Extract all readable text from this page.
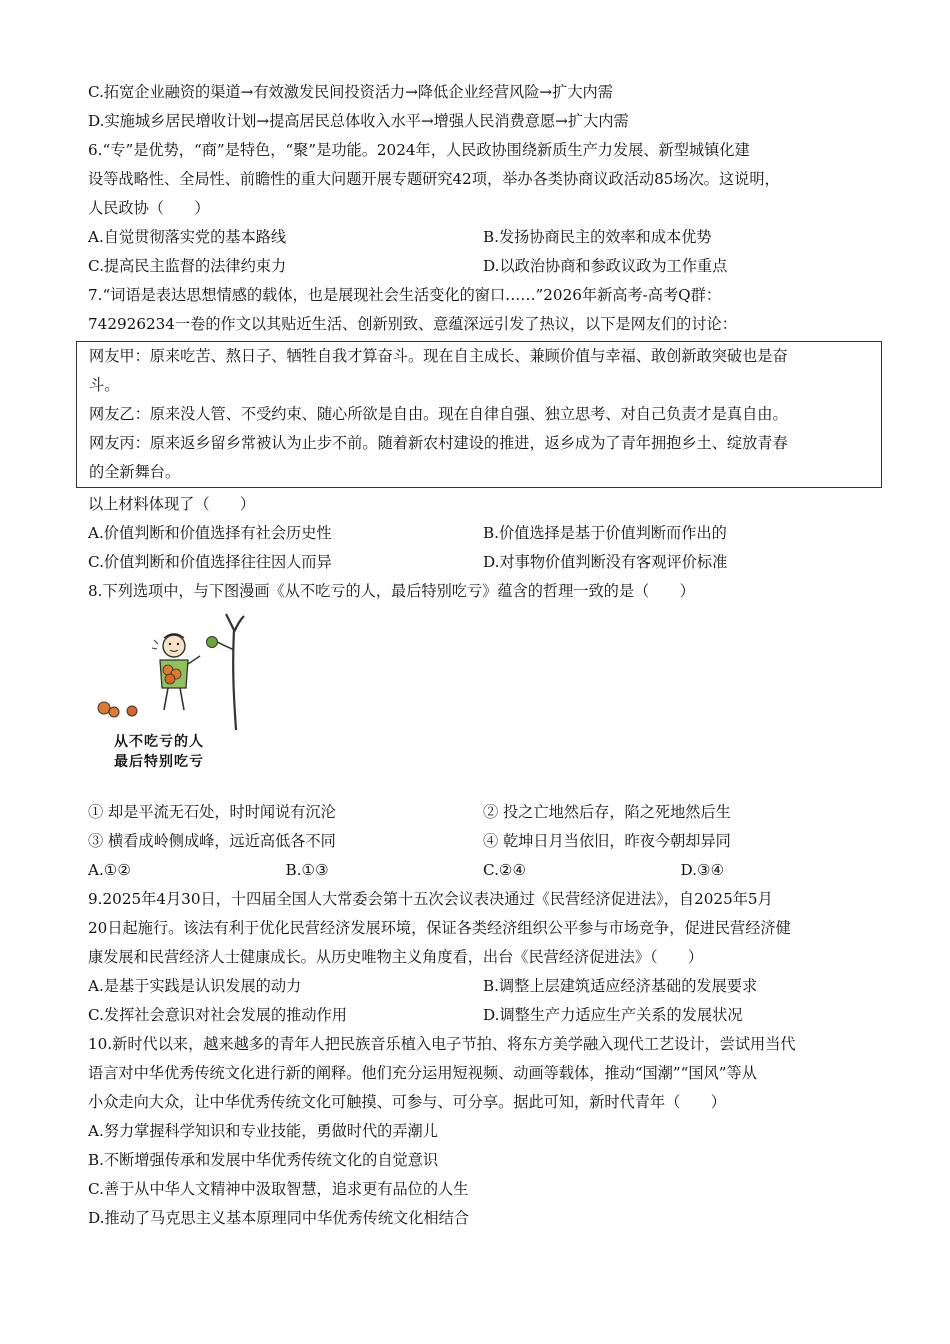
C.拓宽企业融资的渠道→有效激发民间投资活力→降低企业经营风险→扩大内需
D.实施城乡居民增收计划→提高居民总体收入水平→增强人民消费意愿→扩大内需
6.“专”是优势，“商”是特色，“聚”是功能。2024年，人民政协围绕新质生产力发展、新型城镇化建
设等战略性、全局性、前瞻性的重大问题开展专题研究42项，举办各类协商议政活动85场次。这说明，
人民政协（　　）
A.自觉贯彻落实党的基本路线	B.发扬协商民主的效率和成本优势
C.提高民主监督的法律约束力	D.以政治协商和参政议政为工作重点
7.“词语是表达思想情感的载体，也是展现社会生活变化的窗口……”2026年新高考-高考Q群：
742926234一卷的作文以其贴近生活、创新别致、意蕴深远引发了热议，以下是网友们的讨论：
网友甲：原来吃苦、熬日子、牺牲自我才算奋斗。现在自主成长、兼顾价值与幸福、敢创新敢突破也是奋
斗。
网友乙：原来没人管、不受约束、随心所欲是自由。现在自律自强、独立思考、对自己负责才是真自由。
网友丙：原来返乡留乡常被认为止步不前。随着新农村建设的推进，返乡成为了青年拥抱乡土、绽放青春
的全新舞台。
以上材料体现了（　　）
A.价值判断和价值选择有社会历史性	B.价值选择是基于价值判断而作出的
C.价值判断和价值选择往往因人而异	D.对事物价值判断没有客观评价标准
8.下列选项中，与下图漫画《从不吃亏的人，最后特别吃亏》蕴含的哲理一致的是（　　）
从不吃亏的人
最后特别吃亏
① 却是平流无石处，时时闻说有沉沦	② 投之亡地然后存，陷之死地然后生
③ 横看成岭侧成峰，远近高低各不同	④ 乾坤日月当依旧，昨夜今朝却异同
A.①②	B.①③	C.②④	D.③④
9.2025年4月30日，十四届全国人大常委会第十五次会议表决通过《民营经济促进法》，自2025年5月
20日起施行。该法有利于优化民营经济发展环境，保证各类经济组织公平参与市场竞争，促进民营经济健
康发展和民营经济人士健康成长。从历史唯物主义角度看，出台《民营经济促进法》（　　）
A.是基于实践是认识发展的动力	B.调整上层建筑适应经济基础的发展要求
C.发挥社会意识对社会发展的推动作用	D.调整生产力适应生产关系的发展状况
10.新时代以来，越来越多的青年人把民族音乐植入电子节拍、将东方美学融入现代工艺设计，尝试用当代
语言对中华优秀传统文化进行新的阐释。他们充分运用短视频、动画等载体，推动“国潮”“国风”等从
小众走向大众，让中华优秀传统文化可触摸、可参与、可分享。据此可知，新时代青年（　　）
A.努力掌握科学知识和专业技能，勇做时代的弄潮儿
B.不断增强传承和发展中华优秀传统文化的自觉意识
C.善于从中华人文精神中汲取智慧，追求更有品位的人生
D.推动了马克思主义基本原理同中华优秀传统文化相结合
